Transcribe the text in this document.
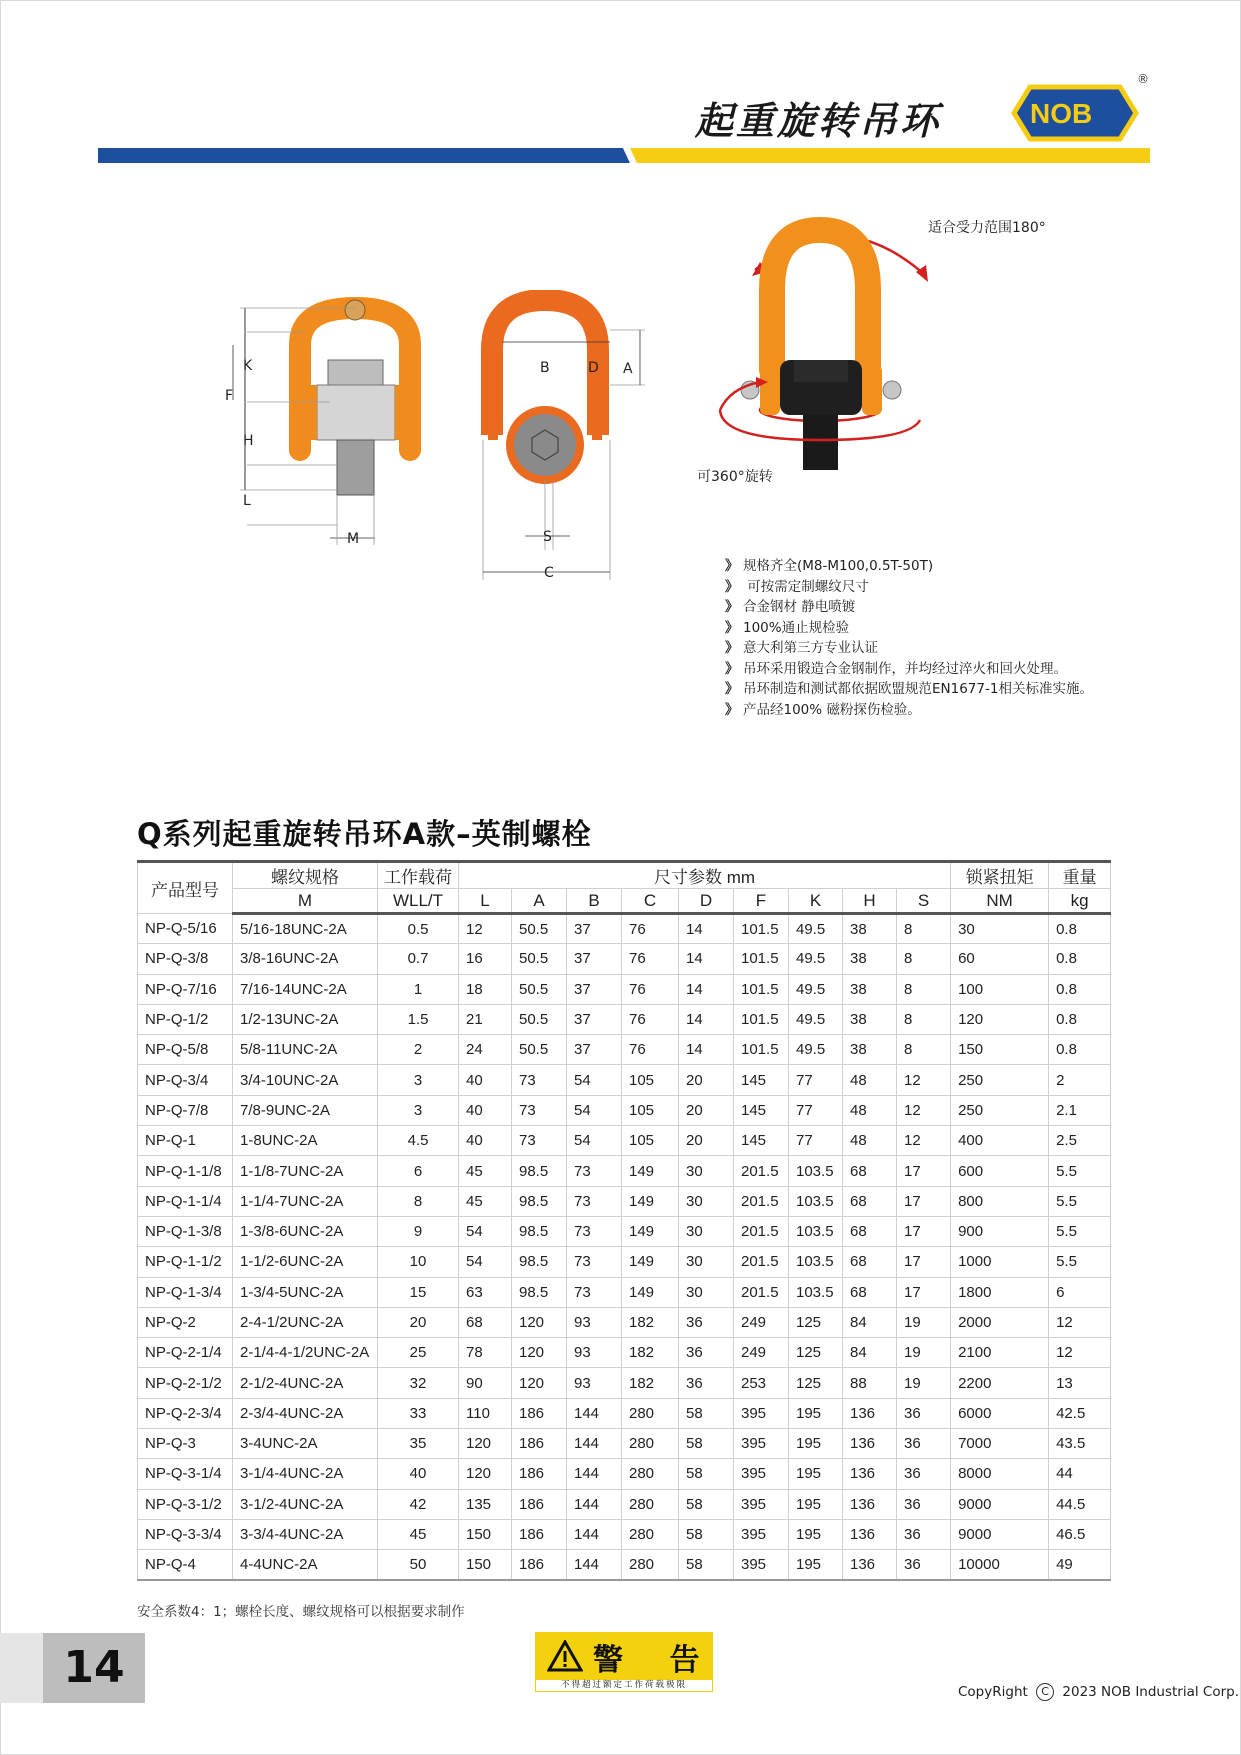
起重旋转吊环	NOB
®
K
F
H
L
M
B	D A
S
C
适合受力范围180°
可360°旋转
》 规格齐全(M8-M100,0.5T-50T)
》 可按需定制螺纹尺寸
》 合金钢材 静电喷镀
》 100%通止规检验
》 意大利第三方专业认证
》 吊环采用锻造合金钢制作，并均经过淬火和回火处理。
》 吊环制造和测试都依据欧盟规范EN1677-1相关标准实施。
》 产品经100% 磁粉探伤检验。
Q系列起重旋转吊环A款–英制螺栓
产品型号	螺纹规格	工作载荷	尺寸参数 mm									锁紧扭矩	重量
	M	WLL/T	L	A	B	C	D	F	K	H	S	NM	kg
NP-Q-5/16	5/16-18UNC-2A	0.5	12	50.5	37	76	14	101.5	49.5	38	8	30	0.8
NP-Q-3/8	3/8-16UNC-2A	0.7	16	50.5	37	76	14	101.5	49.5	38	8	60	0.8
NP-Q-7/16	7/16-14UNC-2A	1	18	50.5	37	76	14	101.5	49.5	38	8	100	0.8
NP-Q-1/2	1/2-13UNC-2A	1.5	21	50.5	37	76	14	101.5	49.5	38	8	120	0.8
NP-Q-5/8	5/8-11UNC-2A	2	24	50.5	37	76	14	101.5	49.5	38	8	150	0.8
NP-Q-3/4	3/4-10UNC-2A	3	40	73	54	105	20	145	77	48	12	250	2
NP-Q-7/8	7/8-9UNC-2A	3	40	73	54	105	20	145	77	48	12	250	2.1
NP-Q-1	1-8UNC-2A	4.5	40	73	54	105	20	145	77	48	12	400	2.5
NP-Q-1-1/8	1-1/8-7UNC-2A	6	45	98.5	73	149	30	201.5	103.5	68	17	600	5.5
NP-Q-1-1/4	1-1/4-7UNC-2A	8	45	98.5	73	149	30	201.5	103.5	68	17	800	5.5
NP-Q-1-3/8	1-3/8-6UNC-2A	9	54	98.5	73	149	30	201.5	103.5	68	17	900	5.5
NP-Q-1-1/2	1-1/2-6UNC-2A	10	54	98.5	73	149	30	201.5	103.5	68	17	1000	5.5
NP-Q-1-3/4	1-3/4-5UNC-2A	15	63	98.5	73	149	30	201.5	103.5	68	17	1800	6
NP-Q-2	2-4-1/2UNC-2A	20	68	120	93	182	36	249	125	84	19	2000	12
NP-Q-2-1/4	2-1/4-4-1/2UNC-2A	25	78	120	93	182	36	249	125	84	19	2100	12
NP-Q-2-1/2	2-1/2-4UNC-2A	32	90	120	93	182	36	253	125	88	19	2200	13
NP-Q-2-3/4	2-3/4-4UNC-2A	33	110	186	144	280	58	395	195	136	36	6000	42.5
NP-Q-3	3-4UNC-2A	35	120	186	144	280	58	395	195	136	36	7000	43.5
NP-Q-3-1/4	3-1/4-4UNC-2A	40	120	186	144	280	58	395	195	136	36	8000	44
NP-Q-3-1/2	3-1/2-4UNC-2A	42	135	186	144	280	58	395	195	136	36	9000	44.5
NP-Q-3-3/4	3-3/4-4UNC-2A	45	150	186	144	280	58	395	195	136	36	9000	46.5
NP-Q-4	4-4UNC-2A	50	150	186	144	280	58	395	195	136	36	10000	49
安全系数4：1；螺栓长度、螺纹规格可以根据要求制作
14	警 告
不得超过额定工作荷载极限	CopyRight C 2023 NOB Industrial Corp.
